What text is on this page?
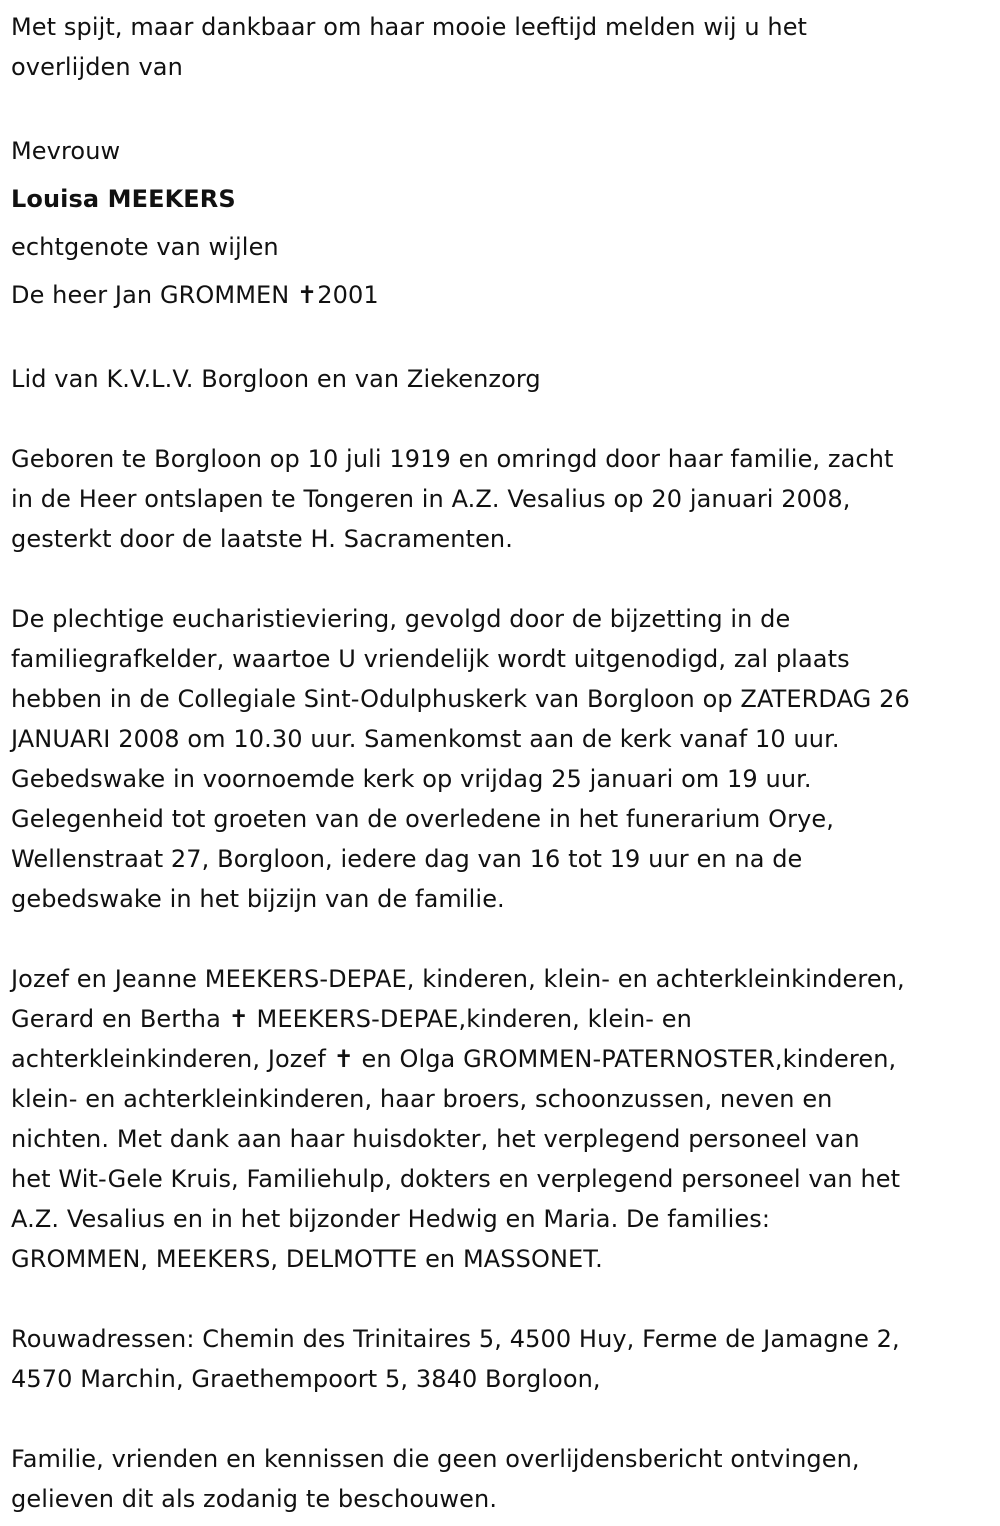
Met spijt, maar dankbaar om haar mooie leeftijd melden wij u het
overlijden van
Mevrouw
Louisa MEEKERS
echtgenote van wijlen
De heer Jan GROMMEN ✝2001
Lid van K.V.L.V. Borgloon en van Ziekenzorg
Geboren te Borgloon op 10 juli 1919 en omringd door haar familie, zacht
in de Heer ontslapen te Tongeren in A.Z. Vesalius op 20 januari 2008,
gesterkt door de laatste H. Sacramenten.
De plechtige eucharistieviering, gevolgd door de bijzetting in de
familiegrafkelder, waartoe U vriendelijk wordt uitgenodigd, zal plaats
hebben in de Collegiale Sint-Odulphuskerk van Borgloon op ZATERDAG 26
JANUARI 2008 om 10.30 uur. Samenkomst aan de kerk vanaf 10 uur.
Gebedswake in voornoemde kerk op vrijdag 25 januari om 19 uur.
Gelegenheid tot groeten van de overledene in het funerarium Orye,
Wellenstraat 27, Borgloon, iedere dag van 16 tot 19 uur en na de
gebedswake in het bijzijn van de familie.
Jozef en Jeanne MEEKERS-DEPAE, kinderen, klein- en achterkleinkinderen,
Gerard en Bertha ✝ MEEKERS-DEPAE,kinderen, klein- en
achterkleinkinderen, Jozef ✝ en Olga GROMMEN-PATERNOSTER,kinderen,
klein- en achterkleinkinderen, haar broers, schoonzussen, neven en
nichten. Met dank aan haar huisdokter, het verplegend personeel van
het Wit-Gele Kruis, Familiehulp, dokters en verplegend personeel van het
A.Z. Vesalius en in het bijzonder Hedwig en Maria. De families:
GROMMEN, MEEKERS, DELMOTTE en MASSONET.
Rouwadressen: Chemin des Trinitaires 5, 4500 Huy, Ferme de Jamagne 2,
4570 Marchin, Graethempoort 5, 3840 Borgloon,
Familie, vrienden en kennissen die geen overlijdensbericht ontvingen,
gelieven dit als zodanig te beschouwen.
